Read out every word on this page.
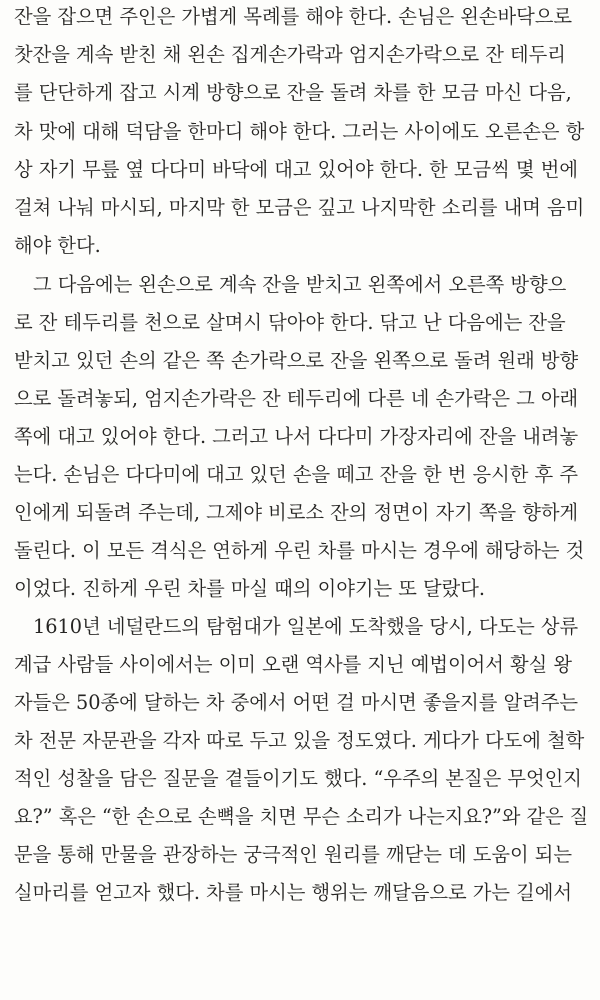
잔을 잡으면 주인은 가볍게 목례를 해야 한다. 손님은 왼손바닥으로
찻잔을 계속 받친 채 왼손 집게손가락과 엄지손가락으로 잔 테두리
를 단단하게 잡고 시계 방향으로 잔을 돌려 차를 한 모금 마신 다음,
차 맛에 대해 덕담을 한마디 해야 한다. 그러는 사이에도 오른손은 항
상 자기 무릎 옆 다다미 바닥에 대고 있어야 한다. 한 모금씩 몇 번에
걸쳐 나눠 마시되, 마지막 한 모금은 깊고 나지막한 소리를 내며 음미
해야 한다.
그 다음에는 왼손으로 계속 잔을 받치고 왼쪽에서 오른쪽 방향으
로 잔 테두리를 천으로 살며시 닦아야 한다. 닦고 난 다음에는 잔을
받치고 있던 손의 같은 쪽 손가락으로 잔을 왼쪽으로 돌려 원래 방향
으로 돌려놓되, 엄지손가락은 잔 테두리에 다른 네 손가락은 그 아래
쪽에 대고 있어야 한다. 그러고 나서 다다미 가장자리에 잔을 내려놓
는다. 손님은 다다미에 대고 있던 손을 떼고 잔을 한 번 응시한 후 주
인에게 되돌려 주는데, 그제야 비로소 잔의 정면이 자기 쪽을 향하게
돌린다. 이 모든 격식은 연하게 우린 차를 마시는 경우에 해당하는 것
이었다. 진하게 우린 차를 마실 때의 이야기는 또 달랐다.
1610년 네덜란드의 탐험대가 일본에 도착했을 당시, 다도는 상류
계급 사람들 사이에서는 이미 오랜 역사를 지닌 예법이어서 황실 왕
자들은 50종에 달하는 차 중에서 어떤 걸 마시면 좋을지를 알려주는
차 전문 자문관을 각자 따로 두고 있을 정도였다. 게다가 다도에 철학
적인 성찰을 담은 질문을 곁들이기도 했다. “우주의 본질은 무엇인지
요?” 혹은 “한 손으로 손뼉을 치면 무슨 소리가 나는지요?”와 같은 질
문을 통해 만물을 관장하는 궁극적인 원리를 깨닫는 데 도움이 되는
실마리를 얻고자 했다. 차를 마시는 행위는 깨달음으로 가는 길에서
